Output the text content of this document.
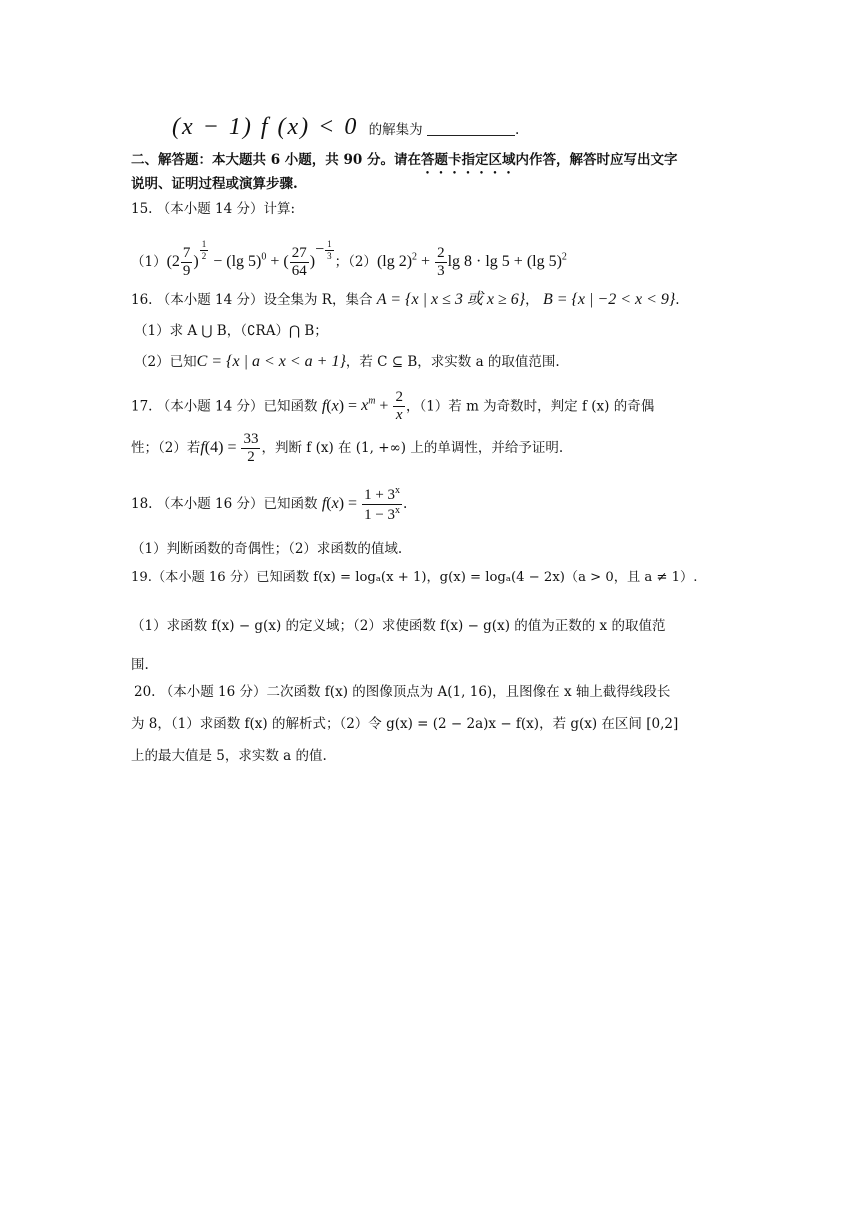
(x − 1) f (x) < 0 的解集为	.
二、解答题：本大题共 6 小题，共 90 分。请在答题卡指定区域内作答，解答时应写出文字
说明、证明过程或演算步骤.
15. （本小题 14 分）计算:
$(1)(2 \frac{7}{9}$ )
$^{\frac{1}{2}}$
− (lg 5)$^0$ + ( $\frac{27}{64} )^{- \frac{1}{3}}$
；（2）(lg $2)^2 + \frac{2}{3}$ lg 8 · lg 5 + (lg 5)$^2$
16. （本小题 14 分）设全集为 R，集合 A = {x | x ≤ 3 或 x ≥ 6}， B = {x | −2 < x < 9}.
（1）求 A ⋃ B，（∁RA）⋂ B；
（2）已知C = {x | a < x < a + 1}，若 C ⊆ B，求实数 a 的取值范围.
17. （本小题 14 分）已知函数 $f(x) = x^m + \frac{2}{x}$ ，（1）若 m 为奇数时，判定 f (x) 的奇偶
性；（2）若$f(4) = \frac{33}{2}$ ，判断 f (x) 在 (1, +∞) 上的单调性，并给予证明.
18. （本小题 16 分）已知函数 $f(x) = \frac{1 + 3^x}{1 - 3^x}$ .
（1）判断函数的奇偶性；（2）求函数的值域.
19.（本小题 16 分）已知函数 f(x) = logₐ(x + 1)，g(x) = logₐ(4 − 2x)（a > 0，且 a ≠ 1）.
（1）求函数 f(x) − g(x) 的定义域；（2）求使函数 f(x) − g(x) 的值为正数的 x 的取值范
围.
20. （本小题 16 分）二次函数 f(x) 的图像顶点为 A(1, 16)，且图像在 x 轴上截得线段长
为 8，（1）求函数 f(x) 的解析式；（2）令 g(x) = (2 − 2a)x − f(x)，若 g(x) 在区间 [0,2]
上的最大值是 5，求实数 a 的值.
